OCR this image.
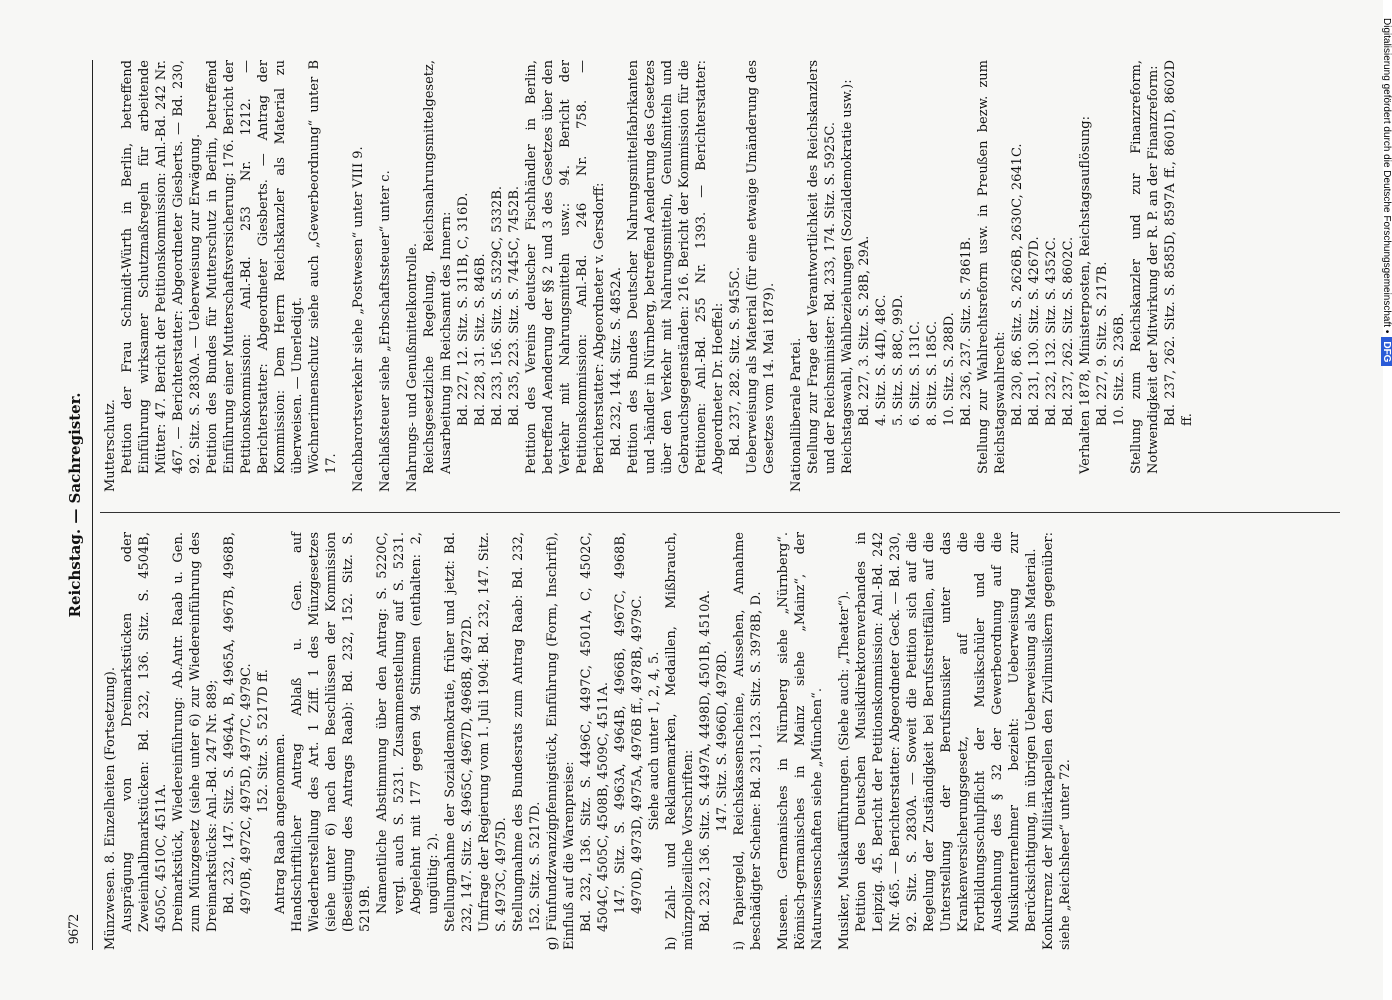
9672
Reichstag. — Sachregister.

Münzwesen. 8. Einzelheiten (Fortsetzung). Ausprägung von Dreimarkstücken oder Zweieinhalbmarkstücken: Bd. 232, 136. Sitz. S. 4504B, 4505C, 4510C, 4511A. Dreimarkstück, Wiedereinführung: Ab.Antr. Raab u. Gen. zum Münzgesetz (siehe unter 6) zur Wiedereinführung des Dreimarkstücks: Anl.-Bd. 247 Nr. 889; Bd. 232, 147. Sitz. S. 4964A, B, 4965A, 4967B, 4968B, 4970B, 4972C, 4975D, 4977C, 4979C. 152. Sitz. S. 5217D ff. Antrag Raab angenommen. Handschriftlicher Antrag Ablaß u. Gen. auf Wiederherstellung des Art. 1 Ziff. 1 des Münzgesetzes (siehe unter 6) nach den Beschlüssen der Kommission (Beseitigung des Antrags Raab): Bd. 232, 152. Sitz. S. 5219B. Namentliche Abstimmung über den Antrag: S. 5220C, vergl. auch S. 5231. Zusammenstellung auf S. 5231. Abgelehnt mit 177 gegen 94 Stimmen (enthalten: 2, ungültig: 2). Stellungnahme der Sozialdemokratie, früher und jetzt: Bd. 232, 147. Sitz. S. 4965C, 4967D, 4968B, 4972D. Umfrage der Regierung vom 1. Juli 1904: Bd. 232, 147. Sitz. S. 4973C, 4975D. Stellungnahme des Bundesrats zum Antrag Raab: Bd. 232, 152. Sitz. S. 5217D. g) Fünfundzwanzigpfennigstück, Einführung (Form, Inschrift), Einfluß auf die Warenpreise: Bd. 232, 136. Sitz. S. 4496C, 4497C, 4501A, C, 4502C, 4504C, 4505C, 4508B, 4509C, 4511A. 147. Sitz. S. 4963A, 4964B, 4966B, 4967C, 4968B, 4970D, 4973D, 4975A, 4976B ff., 4978B, 4979C. Siehe auch unter 1, 2, 4, 5. h) Zahl- und Reklamemarken, Medaillen, Mißbrauch, münzpolizeiliche Vorschriften: Bd. 232, 136. Sitz. S. 4497A, 4498D, 4501B, 4510A. 147. Sitz. S. 4966D, 4978D. i) Papiergeld, Reichskassenscheine, Aussehen, Annahme beschädigter Scheine: Bd. 231, 123. Sitz. S. 3978B, D. Museen. Germanisches in Nürnberg siehe „Nürnberg“. Römisch-germanisches in Mainz siehe „Mainz“, der Naturwissenschaften siehe „München“. Musiker, Musikaufführungen. (Siehe auch: „Theater“). Petition des Deutschen Musikdirektorenverbandes in Leipzig. 45. Bericht der Petitionskommission: Anl.-Bd. 242 Nr. 465. — Berichterstatter: Abgeordneter Geck. — Bd. 230, 92. Sitz. S. 2830A. — Soweit die Petition sich auf die Regelung der Zuständigkeit bei Berufsstreitfällen, auf die Unterstellung der Berufsmusiker unter das Krankenversicherungsgesetz, auf die Fortbildungsschulpflicht der Musikschüler und die Ausdehnung des § 32 der Gewerbeordnung auf die Musikunternehmer bezieht: Ueberweisung zur Berücksichtigung, im übrigen Ueberweisung als Material. Konkurrenz der Militärkapellen den Zivilmusikern gegenüber: siehe „Reichsheer“ unter 72.

Mutterschutz. Petition der Frau Schmidt-Würth in Berlin, betreffend Einführung wirksamer Schutzmaßregeln für arbeitende Mütter: 47. Bericht der Petitionskommission: Anl.-Bd. 242 Nr. 467. — Berichterstatter: Abgeordneter Giesberts. — Bd. 230, 92. Sitz. S. 2830A. — Ueberweisung zur Erwägung. Petition des Bundes für Mutterschutz in Berlin, betreffend Einführung einer Mutterschaftsversicherung: 176. Bericht der Petitionskommission: Anl.-Bd. 253 Nr. 1212. — Berichterstatter: Abgeordneter Giesberts. — Antrag der Kommission: Dem Herrn Reichskanzler als Material zu überweisen. — Unerledigt. Wöchnerinnenschutz siehe auch „Gewerbeordnung“ unter B 17. Nachbarortsverkehr siehe „Postwesen“ unter VIII 9. Nachlaßsteuer siehe „Erbschaftssteuer“ unter c. Nahrungs- und Genußmittelkontrolle. Reichsgesetzliche Regelung, Reichsnahrungsmittelgesetz, Ausarbeitung im Reichsamt des Innern: Bd. 227, 12. Sitz. S. 311B, C, 316D. Bd. 228, 31. Sitz. S. 846B. Bd. 233, 156. Sitz. S. 5329C, 5332B. Bd. 235, 223. Sitz. S. 7445C, 7452B. Petition des Vereins deutscher Fischhändler in Berlin, betreffend Aenderung der §§ 2 und 3 des Gesetzes über den Verkehr mit Nahrungsmitteln usw.: 94. Bericht der Petitionskommission: Anl.-Bd. 246 Nr. 758. — Berichterstatter: Abgeordneter v. Gersdorff: Bd. 232, 144. Sitz. S. 4852A. Petition des Bundes Deutscher Nahrungsmittelfabrikanten und -händler in Nürnberg, betreffend Aenderung des Gesetzes über den Verkehr mit Nahrungsmitteln, Genußmitteln und Gebrauchsgegenständen: 216. Bericht der Kommission für die Petitionen: Anl.-Bd. 255 Nr. 1393. — Berichterstatter: Abgeordneter Dr. Hoeffel: Bd. 237, 282. Sitz. S. 9455C. Ueberweisung als Material (für eine etwaige Umänderung des Gesetzes vom 14. Mai 1879). Nationalliberale Partei. Stellung zur Frage der Verantwortlichkeit des Reichskanzlers und der Reichsminister: Bd. 233, 174. Sitz. S. 5925C. Reichstagswahl, Wahlbeziehungen (Sozialdemokratie usw.): Bd. 227, 3. Sitz. S. 28B, 29A. 4. Sitz. S. 44D, 48C. 5. Sitz. S. 88C, 99D. 6. Sitz. S. 131C. 8. Sitz. S. 185C. 10. Sitz. S. 288D. Bd. 236, 237. Sitz. S. 7861B. Stellung zur Wahlrechtsreform usw. in Preußen bezw. zum Reichstagswahlrecht: Bd. 230, 86. Sitz. S. 2626B, 2630C, 2641C. Bd. 231, 130. Sitz. S. 4267D. Bd. 232, 132. Sitz. S. 4352C. Bd. 237, 262. Sitz. S. 8602C. Verhalten 1878, Ministerposten, Reichstagsauflösung: Bd. 227, 9. Sitz. S. 217B. 10. Sitz. S. 236B. Stellung zum Reichskanzler und zur Finanzreform, Notwendigkeit der Mitwirkung der R. P. an der Finanzreform: Bd. 237, 262. Sitz. S. 8585D, 8597A ff., 8601D, 8602D ff.

Digitalisierung gefördert durch die Deutsche Forschungsgemeinschaft •DFG
